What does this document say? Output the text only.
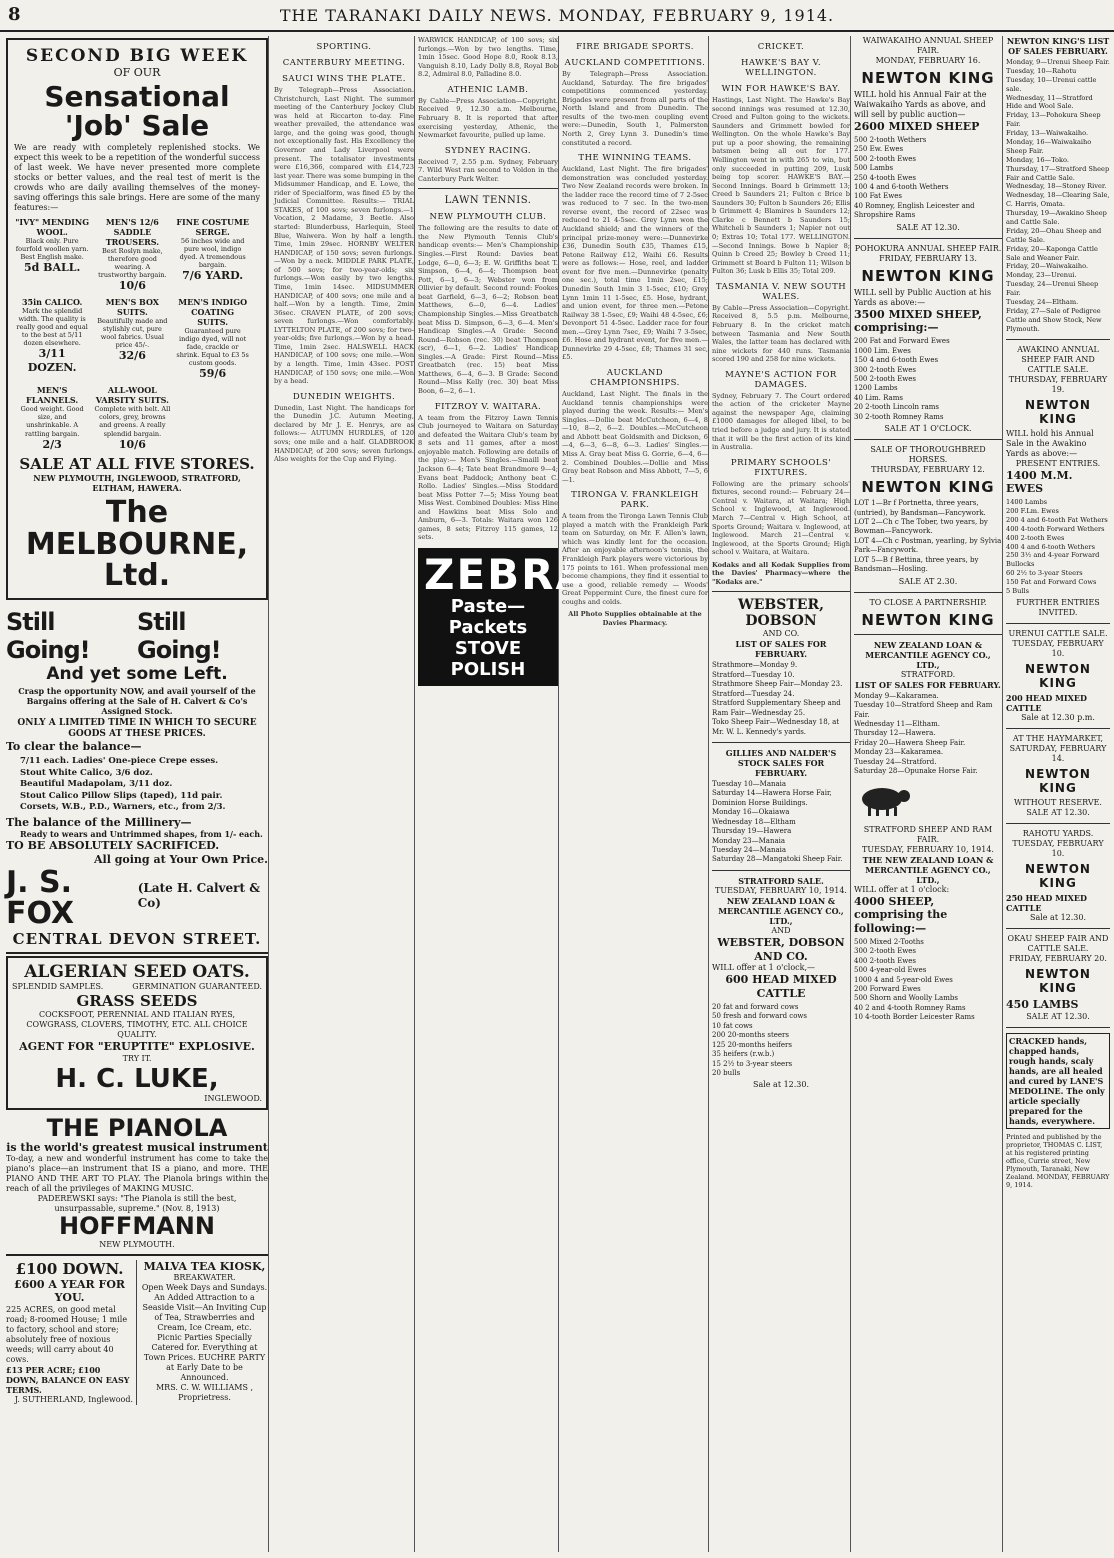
8	THE TARANAKI DAILY NEWS. MONDAY, FEBRUARY 9, 1914.
SECOND BIG WEEK
OF OUR
Sensational 'Job' Sale
We are ready with completely replenished stocks. We expect this week to be a repetition of the wonderful success of last week. We have never presented more complete stocks or better values, and the real test of merit is the crowds who are daily availing themselves of the money-saving offerings this sale brings. Here are some of the many features:—
"IVY" MENDING WOOL.
Black only. Pure fourfold woollen yarn. Best English make.
5d BALL.
MEN'S 12/6 SADDLE TROUSERS.
Best Roslyn make, therefore good wearing. A trustworthy bargain.
10/6
FINE COSTUME SERGE.
56 inches wide and pure wool, indigo dyed. A tremendous bargain.
7/6 YARD.
35in CALICO.
Mark the splendid width. The quality is really good and equal to the best at 5/11 dozen elsewhere.
3/11 DOZEN.
MEN'S BOX SUITS.
Beautifully made and stylishly cut, pure wool fabrics. Usual price 45/-.
32/6
MEN'S INDIGO COATING SUITS.
Guaranteed pure indigo dyed, will not fade, crackle or shrink. Equal to £3 5s custom goods.
59/6
MEN'S FLANNELS.
Good weight. Good size, and unshrinkable. A rattling bargain.
2/3
ALL-WOOL VARSITY SUITS.
Complete with belt. All colors, grey, browns and greens. A really splendid bargain.
10/6
SALE AT ALL FIVE STORES.
NEW PLYMOUTH, INGLEWOOD, STRATFORD, ELTHAM, HAWERA.
The MELBOURNE, Ltd.
Still Going!
Still Going!
And yet some Left.
Crasp the opportunity NOW, and avail yourself of the Bargains offering at the Sale of H. Calvert & Co's Assigned Stock.
ONLY A LIMITED TIME IN WHICH TO SECURE GOODS AT THESE PRICES.
To clear the balance—
7/11 each. Ladies' One-piece Crepe esses.
Stout White Calico, 3/6 doz.
Beautiful Madapolam, 3/11 doz.
Stout Calico Pillow Slips (taped), 11d pair.
Corsets, W.B., P.D., Warners, etc., from 2/3.
The balance of the Millinery—
Ready to wears and Untrimmed shapes, from 1/- each.
TO BE ABSOLUTELY SACRIFICED.
All going at Your Own Price.
J. S. FOX
(Late H. Calvert & Co)
CENTRAL DEVON STREET.
ALGERIAN SEED OATS.
SPLENDID SAMPLES.	GERMINATION GUARANTEED.
GRASS SEEDS
COCKSFOOT, PERENNIAL AND ITALIAN RYES, COWGRASS, CLOVERS, TIMOTHY, ETC. ALL CHOICE QUALITY.
AGENT FOR "ERUPTITE" EXPLOSIVE.
TRY IT.
H. C. LUKE,
INGLEWOOD.
THE PIANOLA
is the world's greatest musical instrument
To-day, a new and wonderful instrument has come to take the piano's place—an instrument that IS a piano, and more. THE PIANO AND THE ART TO PLAY. The Pianola brings within the reach of all the privileges of MAKING MUSIC.
PADEREWSKI says: "The Pianola is still the best, unsurpassable, supreme." (Nov. 8, 1913)
HOFFMANN
NEW PLYMOUTH.
£100 DOWN.
£600 A YEAR FOR YOU.
225 ACRES, on good metal road; 8-roomed House; 1 mile to factory, school and store; absolutely free of noxious weeds; will carry about 40 cows.
£13 PER ACRE; £100 DOWN, BALANCE ON EASY TERMS.
J. SUTHERLAND, Inglewood.
MALVA TEA KIOSK,
BREAKWATER.
Open Week Days and Sundays. An Added Attraction to a Seaside Visit—An Inviting Cup of Tea, Strawberries and Cream, Ice Cream, etc.
Picnic Parties Specially Catered for. Everything at Town Prices. EUCHRE PARTY at Early Date to be Announced.
MRS. C. W. WILLIAMS , Proprietress.
SPORTING.
CANTERBURY MEETING.
SAUCI WINS THE PLATE.
By Telegraph—Press Association. Christchurch, Last Night. The summer meeting of the Canterbury Jockey Club was held at Riccarton to-day. Fine weather prevailed, the attendance was large, and the going was good, though not exceptionally fast. His Excellency the Governor and Lady Liverpool were present. The totalisator investments were £16,366, compared with £14,723 last year. There was some bumping in the Midsummer Handicap, and E. Lowe, the rider of Specialform, was fined £5 by the Judicial Committee. Results:— TRIAL STAKES, of 100 sovs; seven furlongs.—1 Vocation, 2 Madame, 3 Beetle. Also started: Blunderbuss, Harlequin, Steel Blue, Waiwera. Won by half a length. Time, 1min 29sec. HORNBY WELTER HANDICAP, of 150 sovs; seven furlongs.—Won by a neck. MIDDLE PARK PLATE, of 500 sovs; for two-year-olds; six furlongs.—Won easily by two lengths. Time, 1min 14sec. MIDSUMMER HANDICAP, of 400 sovs; one mile and a half.—Won by a length. Time, 2min 36sec. CRAVEN PLATE, of 200 sovs; seven furlongs.—Won comfortably. LYTTELTON PLATE, of 200 sovs; for two-year-olds; five furlongs.—Won by a head. Time, 1min 2sec. HALSWELL HACK HANDICAP, of 100 sovs; one mile.—Won by a length. Time, 1min 43sec. POST HANDICAP, of 150 sovs; one mile.—Won by a head.
DUNEDIN WEIGHTS.
Dunedin, Last Night. The handicaps for the Dunedin J.C. Autumn Meeting, declared by Mr J. E. Henrys, are as follows:— AUTUMN HURDLES, of 120 sovs; one mile and a half. GLADBROOK HANDICAP, of 200 sovs; seven furlongs. Also weights for the Cup and Flying.
WARWICK HANDICAP, of 100 sovs; six furlongs.—Won by two lengths. Time, 1min 15sec. Good Hope 8.0, Rook 8.13, Vanguish 8.10, Lady Dolly 8.8, Royal Bob 8.2, Admiral 8.0, Palladine 8.0.
ATHENIC LAMB.
By Cable—Press Association—Copyright. Received 9, 12.30 a.m. Melbourne, February 8. It is reported that after exercising yesterday, Athenic, the Newmarket favourite, pulled up lame.
SYDNEY RACING.
Received 7, 2.55 p.m. Sydney, February 7. Wild West ran second to Voldon in the Canterbury Park Welter.
LAWN TENNIS.
NEW PLYMOUTH CLUB.
The following are the results to date of the New Plymouth Tennis Club's handicap events:— Men's Championship Singles.—First Round: Davies beat Lodge, 6—0, 6—3; E. W. Griffiths beat T. Simpson, 6—4, 6—4; Thompson beat Pott, 6—1, 6—3; Webster won from Ollivier by default. Second round: Fookes beat Garfield, 6—3, 6—2; Robson beat Matthews, 6—0, 6—4. Ladies' Championship Singles.—Miss Greatbatch beat Miss D. Simpson, 6—3, 6—4. Men's Handicap Singles.—A Grade: Second Round—Robson (rec. 30) beat Thompson (scr), 6—1, 6—2. Ladies' Handicap Singles.—A Grade: First Round—Miss Greatbatch (rec. 15) beat Miss Matthews, 6—4, 6—3. B Grade: Second Round—Miss Kelly (rec. 30) beat Miss Boon, 6—2, 6—1.
FITZROY V. WAITARA.
A team from the Fitzroy Lawn Tennis Club journeyed to Waitara on Saturday and defeated the Waitara Club's team by 8 sets and 11 games, after a most enjoyable match. Following are details of the play:— Men's Singles.—Smaill beat Jackson 6—4; Tate beat Brandmore 9—4; Evans beat Paddock; Anthony beat C. Rollo. Ladies' Singles.—Miss Stoddard beat Miss Potter 7—5; Miss Young beat Miss West. Combined Doubles: Miss Hine and Hawkins beat Miss Solo and Amburn, 6—3. Totals: Waitara won 126 games, 8 sets; Fitzroy 115 games, 12 sets.
ZEBRA
Paste—Packets
STOVE POLISH
FIRE BRIGADE SPORTS.
AUCKLAND COMPETITIONS.
By Telegraph—Press Association. Auckland, Saturday. The fire brigades' competitions commenced yesterday. Brigades were present from all parts of the North Island and from Dunedin. The results of the two-men coupling event were:—Dunedin, South 1, Palmerston North 2, Grey Lynn 3. Dunedin's time constituted a record.
THE WINNING TEAMS.
Auckland, Last Night. The fire brigades' demonstration was concluded yesterday. Two New Zealand records were broken. In the ladder race the record time of 7 2-5sec was reduced to 7 sec. In the two-men reverse event, the record of 22sec was reduced to 21 4-5sec. Grey Lynn won the Auckland shield; and the winners of the principal prize-money were:—Dunnevirke £36, Dunedin South £35, Thames £15, Petone Railway £12, Waihi £6. Results were as follows:— Hose, reel, and ladder event for five men.—Dunnevirke (penalty one sec.), total time 1min 2sec, £15; Dunedin South 1min 3 1-5sec, £10; Grey Lynn 1min 11 1-5sec, £5. Hose, hydrant, and union event, for three men.—Petone Railway 38 1-5sec, £9; Waihi 48 4-5sec, £6; Devonport 51 4-5sec. Ladder race for four men.—Grey Lynn 7sec, £9; Waihi 7 3-5sec, £6. Hose and hydrant event, for five men.—Dunnevirke 29 4-5sec, £8; Thames 31 sec, £5.
AUCKLAND CHAMPIONSHIPS.
Auckland, Last Night. The finals in the Auckland tennis championships were played during the week. Results:— Men's Singles.—Dollie beat McCutcheon, 6—4, 8—10, 8—2, 6—2. Doubles.—McCutcheon and Abbott beat Goldsmith and Dickson, 6—4, 6—3, 6—8, 6—3. Ladies' Singles.—Miss A. Gray beat Miss G. Gorrie, 6—4, 6—2. Combined Doubles.—Dollie and Miss Gray beat Robson and Miss Abbott, 7—5, 6—1.
TIRONGA V. FRANKLEIGH PARK.
A team from the Tironga Lawn Tennis Club played a match with the Frankleigh Park team on Saturday, on Mr. F. Allen's lawn, which was kindly lent for the occasion. After an enjoyable afternoon's tennis, the Frankleigh Park players were victorious by 175 points to 161. When professional men become champions, they find it essential to use a good, reliable remedy — Woods' Great Peppermint Cure, the finest cure for coughs and colds.
All Photo Supplies obtainable at the Davies Pharmacy.
CRICKET.
HAWKE'S BAY V. WELLINGTON.
WIN FOR HAWKE'S BAY.
Hastings, Last Night. The Hawke's Bay second innings was resumed at 12.30, Creed and Fulton going to the wickets. Saunders and Grimmett bowled for Wellington. On the whole Hawke's Bay put up a poor showing, the remaining batsmen being all out for 177. Wellington went in with 265 to win, but only succeeded in putting 209, Lusk being top scorer. HAWKE'S BAY.—Second Innings. Board b Grimmett 13; Creed b Saunders 21; Fulton c Brice b Saunders 30; Fulton b Saunders 26; Ellis b Grimmett 4; Blamires b Saunders 12; Clarke c Bennett b Saunders 15; Whitcheli b Saunders 1; Napier not out 0; Extras 10; Total 177. WELLINGTON.—Second Innings. Bowe b Napier 8; Quinn b Creed 25; Bowley b Creed 11; Grimmett st Board b Fulton 11; Wilson b Fulton 36; Lusk b Ellis 35; Total 209.
TASMANIA V. NEW SOUTH WALES.
By Cable—Press Association—Copyright. Received 8, 5.5 p.m. Melbourne, February 8. In the cricket match between Tasmania and New South Wales, the latter team has declared with nine wickets for 440 runs. Tasmania scored 190 and 258 for nine wickets.
MAYNE'S ACTION FOR DAMAGES.
Sydney, February 7. The Court ordered the action of the cricketer Mayne against the newspaper Age, claiming £1000 damages for alleged libel, to be tried before a judge and jury. It is stated that it will be the first action of its kind in Australia.
PRIMARY SCHOOLS' FIXTURES.
Following are the primary schools' fixtures, second round:— February 24—Central v. Waitara, at Waitara; High School v. Inglewood, at Inglewood. March 7—Central v. High School, at Sports Ground; Waitara v. Inglewood, at Inglewood. March 21—Central v. Inglewood, at the Sports Ground; High school v. Waitara, at Waitara.
Kodaks and all Kodak Supplies from the Davies' Pharmacy—where the "Kodaks are."
WEBSTER, DOBSON
AND CO.
LIST OF SALES FOR FEBRUARY.
Strathmore—Monday 9.
Stratford—Tuesday 10.
Strathmore Sheep Fair—Monday 23.
Stratford—Tuesday 24.
Stratford Supplementary Sheep and Ram Fair—Wednesday 25.
Toko Sheep Fair—Wednesday 18, at Mr. W. L. Kennedy's yards.
GILLIES AND NALDER'S STOCK SALES FOR FEBRUARY.
Tuesday 10—Manaia
Saturday 14—Hawera Horse Fair, Dominion Horse Buildings.
Monday 16—Okaiawa
Wednesday 18—Eltham
Thursday 19—Hawera
Monday 23—Manaia
Tuesday 24—Manaia
Saturday 28—Mangatoki Sheep Fair.
STRATFORD SALE.
TUESDAY, FEBRUARY 10, 1914.
NEW ZEALAND LOAN & MERCANTILE AGENCY CO., LTD.,
AND
WEBSTER, DOBSON AND CO.
WILL offer at 1 o'clock,—
600 HEAD MIXED CATTLE
20 fat and forward cows
50 fresh and forward cows
10 fat cows
200 20-months steers
125 20-months heifers
35 heifers (r.w.b.)
15 2½ to 3-year steers
20 bulls
Sale at 12.30.
WAIWAKAIHO ANNUAL SHEEP FAIR.
MONDAY, FEBRUARY 16.
NEWTON KING
WILL hold his Annual Fair at the Waiwakaiho Yards as above, and will sell by public auction—
2600 MIXED SHEEP
500 2-tooth Wethers
250 Ew. Ewes
500 2-tooth Ewes
500 Lambs
250 4-tooth Ewes
100 4 and 6-tooth Wethers
100 Fat Ewes
40 Romney, English Leicester and Shropshire Rams
SALE AT 12.30.
POHOKURA ANNUAL SHEEP FAIR.
FRIDAY, FEBRUARY 13.
NEWTON KING
WILL sell by Public Auction at his Yards as above:—
3500 MIXED SHEEP, comprising:—
200 Fat and Forward Ewes
1000 Lim. Ewes
150 4 and 6-tooth Ewes
300 2-tooth Ewes
500 2-tooth Ewes
1200 Lambs
40 Lim. Rams
20 2-tooth Lincoln rams
30 2-tooth Romney Rams
SALE AT 1 O'CLOCK.
SALE OF THOROUGHBRED HORSES.
THURSDAY, FEBRUARY 12.
NEWTON KING
LOT 1—Br f Portnetta, three years, (untried), by Bandsman—Fancywork.
LOT 2—Ch c The Tober, two years, by Bowman—Fancywork.
LOT 4—Ch c Postman, yearling, by Sylvia Park—Fancywork.
LOT 5—B f Bettina, three years, by Bandsman—Hosling.
SALE AT 2.30.
TO CLOSE A PARTNERSHIP.
NEWTON KING
NEW ZEALAND LOAN & MERCANTILE AGENCY CO., LTD.,
STRATFORD.
LIST OF SALES FOR FEBRUARY.
Monday 9—Kakaramea.
Tuesday 10—Stratford Sheep and Ram Fair.
Wednesday 11—Eltham.
Thursday 12—Hawera.
Friday 20—Hawera Sheep Fair.
Monday 23—Kakaramea.
Tuesday 24—Stratford.
Saturday 28—Opunake Horse Fair.
STRATFORD SHEEP AND RAM FAIR.
TUESDAY, FEBRUARY 10, 1914.
THE NEW ZEALAND LOAN & MERCANTILE AGENCY CO., LTD.,
WILL offer at 1 o'clock:
4000 SHEEP, comprising the following:—
500 Mixed 2-Tooths
300 2-tooth Ewes
400 2-tooth Ewes
500 4-year-old Ewes
1000 4 and 5-year-old Ewes
200 Forward Ewes
500 Shorn and Woolly Lambs
40 2 and 4-tooth Romney Rams
10 4-tooth Border Leicester Rams
NEWTON KING'S LIST OF SALES FEBRUARY.
Monday, 9—Urenui Sheep Fair.
Tuesday, 10—Rahotu
Tuesday, 10—Urenui cattle sale.
Wednesday, 11—Stratford Hide and Wool Sale.
Friday, 13—Pohokura Sheep Fair.
Friday, 13—Waiwakaiho.
Monday, 16—Waiwakaiho Sheep Fair.
Monday, 16—Toko.
Thursday, 17—Stratford Sheep Fair and Cattle Sale.
Wednesday, 18—Stoney River.
Wednesday, 18—Clearing Sale, C. Harris, Omata.
Thursday, 19—Awakino Sheep and Cattle Sale.
Friday, 20—Ohau Sheep and Cattle Sale.
Friday, 20—Kaponga Cattle Sale and Weaner Fair.
Friday, 20—Waiwakaiho.
Monday, 23—Urenui.
Tuesday, 24—Urenui Sheep Fair.
Tuesday, 24—Eltham.
Friday, 27—Sale of Pedigree Cattle and Show Stock, New Plymouth.
AWAKINO ANNUAL SHEEP FAIR AND CATTLE SALE.
THURSDAY, FEBRUARY 19.
NEWTON KING
WILL hold his Annual Sale in the Awakino Yards as above:—
PRESENT ENTRIES.
1400 M.M. EWES
1400 Lambs
200 F.Lm. Ewes
200 4 and 6-tooth Fat Wethers
400 4-tooth Forward Wethers
400 2-tooth Ewes
400 4 and 6-tooth Wethers
250 3½ and 4-year Forward Bullocks
60 2½ to 3-year Steers
150 Fat and Forward Cows
5 Bulls
FURTHER ENTRIES INVITED.
URENUI CATTLE SALE.
TUESDAY, FEBRUARY 10.
NEWTON KING
200 HEAD MIXED CATTLE
Sale at 12.30 p.m.
AT THE HAYMARKET,
SATURDAY, FEBRUARY 14.
NEWTON KING
WITHOUT RESERVE.
SALE AT 12.30.
RAHOTU YARDS.
TUESDAY, FEBRUARY 10.
NEWTON KING
250 HEAD MIXED CATTLE
Sale at 12.30.
OKAU SHEEP FAIR AND CATTLE SALE.
FRIDAY, FEBRUARY 20.
NEWTON KING
450 LAMBS
SALE AT 12.30.
CRACKED hands, chapped hands, rough hands, scaly hands, are all healed and cured by LANE'S MEDOLINE. The only article specially prepared for the hands, everywhere.
Printed and published by the proprietor, THOMAS C. LIST, at his registered printing office, Currie street, New Plymouth, Taranaki, New Zealand. MONDAY, FEBRUARY 9, 1914.
